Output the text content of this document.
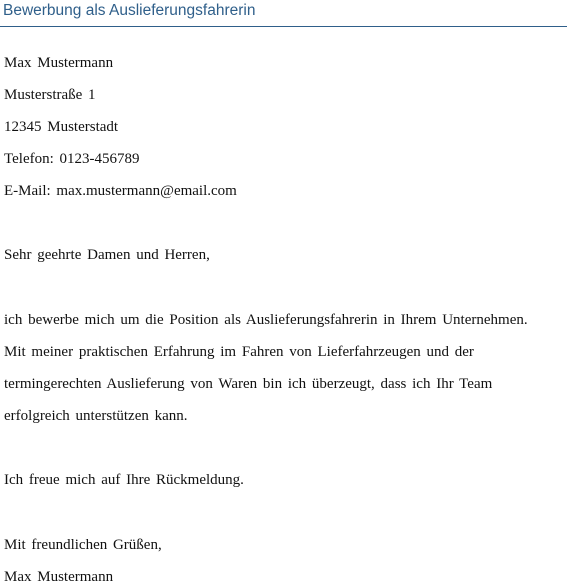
Bewerbung als Auslieferungsfahrerin
Max Mustermann
Musterstraße 1
12345 Musterstadt
Telefon: 0123-456789
E-Mail: max.mustermann@email.com
Sehr geehrte Damen und Herren,
ich bewerbe mich um die Position als Auslieferungsfahrerin in Ihrem Unternehmen.
Mit meiner praktischen Erfahrung im Fahren von Lieferfahrzeugen und der
termingerechten Auslieferung von Waren bin ich überzeugt, dass ich Ihr Team
erfolgreich unterstützen kann.
Ich freue mich auf Ihre Rückmeldung.
Mit freundlichen Grüßen,
Max Mustermann
